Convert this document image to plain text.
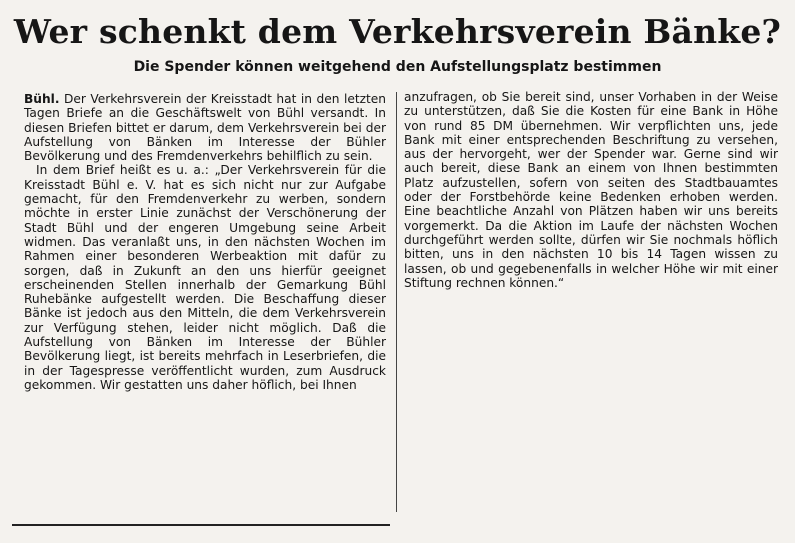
Wer schenkt dem Verkehrsverein Bänke?
Die Spender können weitgehend den Aufstellungsplatz bestimmen

Bühl. Der Verkehrsverein der Kreisstadt hat in den letzten Tagen Briefe an die Geschäftswelt von Bühl versandt. In diesen Briefen bittet er darum, dem Verkehrsverein bei der Aufstellung von Bänken im Interesse der Bühler Bevölkerung und des Fremdenverkehrs behilflich zu sein.

In dem Brief heißt es u. a.: „Der Verkehrsverein für die Kreisstadt Bühl e. V. hat es sich nicht nur zur Aufgabe gemacht, für den Fremdenverkehr zu werben, sondern möchte in erster Linie zunächst der Verschönerung der Stadt Bühl und der engeren Umgebung seine Arbeit widmen. Das veranlaßt uns, in den nächsten Wochen im Rahmen einer besonderen Werbeaktion mit dafür zu sorgen, daß in Zukunft an den uns hierfür geeignet erscheinenden Stellen innerhalb der Gemarkung Bühl Ruhebänke aufgestellt werden. Die Beschaffung dieser Bänke ist jedoch aus den Mitteln, die dem Verkehrsverein zur Verfügung stehen, leider nicht möglich. Daß die Aufstellung von Bänken im Interesse der Bühler Bevölkerung liegt, ist bereits mehrfach in Leserbriefen, die in der Tagespresse veröffentlicht wurden, zum Ausdruck gekommen. Wir gestatten uns daher höflich, bei Ihnen

anzufragen, ob Sie bereit sind, unser Vorhaben in der Weise zu unterstützen, daß Sie die Kosten für eine Bank in Höhe von rund 85 DM übernehmen. Wir verpflichten uns, jede Bank mit einer entsprechenden Beschriftung zu versehen, aus der hervorgeht, wer der Spender war. Gerne sind wir auch bereit, diese Bank an einem von Ihnen bestimmten Platz aufzustellen, sofern von seiten des Stadtbauamtes oder der Forstbehörde keine Bedenken erhoben werden. Eine beachtliche Anzahl von Plätzen haben wir uns bereits vorgemerkt. Da die Aktion im Laufe der nächsten Wochen durchgeführt werden sollte, dürfen wir Sie nochmals höflich bitten, uns in den nächsten 10 bis 14 Tagen wissen zu lassen, ob und gegebenenfalls in welcher Höhe wir mit einer Stiftung rechnen können.“
